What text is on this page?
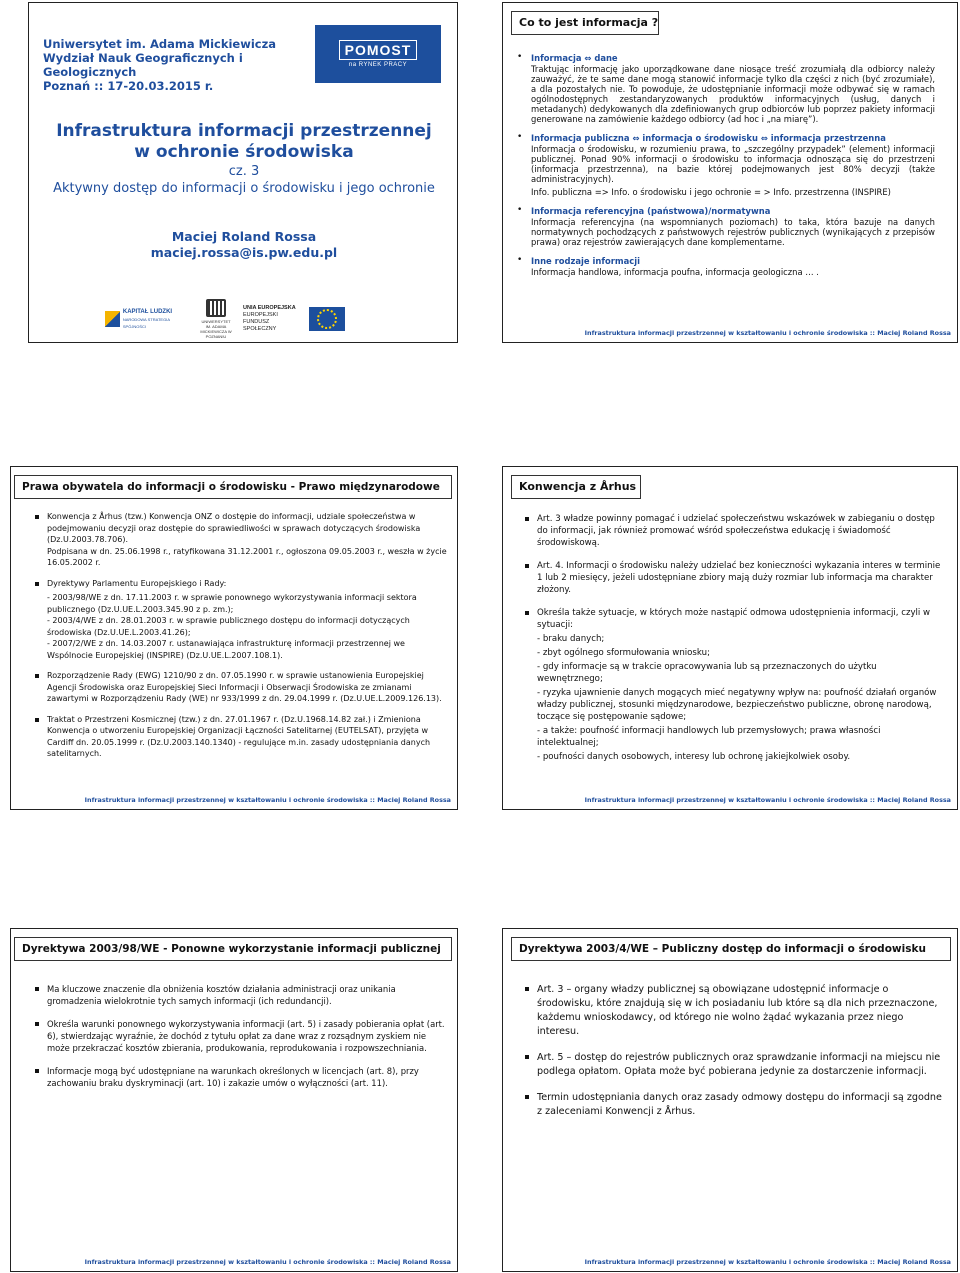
Uniwersytet im. Adama Mickiewicza
Wydział Nauk Geograficznych i Geologicznych
Poznań :: 17-20.03.2015 r.
POMOST
na RYNEK PRACY
Infrastruktura informacji przestrzennej
w ochronie środowiska
cz. 3
Aktywny dostęp do informacji o środowisku i jego ochronie
Maciej Roland Rossa
maciej.rossa@is.pw.edu.pl
KAPITAŁ LUDZKI
NARODOWA STRATEGIA SPÓJNOŚCI
UNIWERSYTET IM. ADAMA MICKIEWICZA W POZNANIU
UNIA EUROPEJSKA
EUROPEJSKI
FUNDUSZ SPOŁECZNY
Co to jest informacja ?
• Informacja ⇔ dane
Traktując informację jako uporządkowane dane niosące treść zrozumiałą dla odbiorcy należy zauważyć, że te same dane mogą stanowić informacje tylko dla części z nich (być zrozumiałe), a dla pozostałych nie. To powoduje, że udostępnianie informacji może odbywać się w ramach ogólnodostępnych zestandaryzowanych produktów informacyjnych (usług, danych i metadanych) dedykowanych dla zdefiniowanych grup odbiorców lub poprzez pakiety informacji generowane na zamówienie każdego odbiorcy (ad hoc i „na miarę”).
• Informacja publiczna ⇔ informacja o środowisku ⇔ informacja przestrzenna
Informacja o środowisku, w rozumieniu prawa, to „szczególny przypadek” (element) informacji publicznej. Ponad 90% informacji o środowisku to informacja odnosząca się do przestrzeni (informacja przestrzenna), na bazie której podejmowanych jest 80% decyzji (także administracyjnych).
Info. publiczna => Info. o środowisku i jego ochronie = > Info. przestrzenna (INSPIRE)
• Informacja referencyjna (państwowa)/normatywna
Informacja referencyjna (na wspomnianych poziomach) to taka, która bazuje na danych normatywnych pochodzących z państwowych rejestrów publicznych (wynikających z przepisów prawa) oraz rejestrów zawierających dane komplementarne.
• Inne rodzaje informacji
Informacja handlowa, informacja poufna, informacja geologiczna … .
Infrastruktura informacji przestrzennej w kształtowaniu i ochronie środowiska :: Maciej Roland Rossa
Prawa obywatela do informacji o środowisku - Prawo międzynarodowe
Konwencja z Århus (tzw.) Konwencja ONZ o dostępie do informacji, udziale społeczeństwa w podejmowaniu decyzji oraz dostępie do sprawiedliwości w sprawach dotyczących środowiska (Dz.U.2003.78.706).
Podpisana w dn. 25.06.1998 r., ratyfikowana 31.12.2001 r., ogłoszona 09.05.2003 r., weszła w życie 16.05.2002 r.
Dyrektywy Parlamentu Europejskiego i Rady:
- 2003/98/WE z dn. 17.11.2003 r. w sprawie ponownego wykorzystywania informacji sektora publicznego (Dz.U.UE.L.2003.345.90 z p. zm.);
- 2003/4/WE z dn. 28.01.2003 r. w sprawie publicznego dostępu do informacji dotyczących środowiska (Dz.U.UE.L.2003.41.26);
- 2007/2/WE z dn. 14.03.2007 r. ustanawiająca infrastrukturę informacji przestrzennej we Wspólnocie Europejskiej (INSPIRE) (Dz.U.UE.L.2007.108.1).
Rozporządzenie Rady (EWG) 1210/90 z dn. 07.05.1990 r. w sprawie ustanowienia Europejskiej Agencji Środowiska oraz Europejskiej Sieci Informacji i Obserwacji Środowiska ze zmianami zawartymi w Rozporządzeniu Rady (WE) nr 933/1999 z dn. 29.04.1999 r. (Dz.U.UE.L.2009.126.13).
Traktat o Przestrzeni Kosmicznej (tzw.) z dn. 27.01.1967 r. (Dz.U.1968.14.82 zał.) i Zmieniona Konwencja o utworzeniu Europejskiej Organizacji Łączności Satelitarnej (EUTELSAT), przyjęta w Cardiff dn. 20.05.1999 r. (Dz.U.2003.140.1340) - regulujące m.in. zasady udostępniania danych satelitarnych.
Infrastruktura informacji przestrzennej w kształtowaniu i ochronie środowiska :: Maciej Roland Rossa
Konwencja z Århus
Art. 3 władze powinny pomagać i udzielać społeczeństwu wskazówek w zabieganiu o dostęp do informacji, jak również promować wśród społeczeństwa edukację i świadomość środowiskową.
Art. 4. Informacji o środowisku należy udzielać bez konieczności wykazania interes w terminie 1 lub 2 miesięcy, jeżeli udostępniane zbiory mają duży rozmiar lub informacja ma charakter złożony.
Określa także sytuacje, w których może nastąpić odmowa udostępnienia informacji, czyli w sytuacji:
- braku danych;
- zbyt ogólnego sformułowania wniosku;
- gdy informacje są w trakcie opracowywania lub są przeznaczonych do użytku wewnętrznego;
- ryzyka ujawnienie danych mogących mieć negatywny wpływ na: poufność działań organów władzy publicznej, stosunki międzynarodowe, bezpieczeństwo publiczne, obronę narodową, toczące się postępowanie sądowe;
- a także: poufność informacji handlowych lub przemysłowych; prawa własności intelektualnej;
- poufności danych osobowych, interesy lub ochronę jakiejkolwiek osoby.
Infrastruktura informacji przestrzennej w kształtowaniu i ochronie środowiska :: Maciej Roland Rossa
Dyrektywa 2003/98/WE - Ponowne wykorzystanie informacji publicznej
Ma kluczowe znaczenie dla obniżenia kosztów działania administracji oraz unikania gromadzenia wielokrotnie tych samych informacji (ich redundancji).
Określa warunki ponownego wykorzystywania informacji (art. 5) i zasady pobierania opłat (art. 6), stwierdzając wyraźnie, że dochód z tytułu opłat za dane wraz z rozsądnym zyskiem nie może przekraczać kosztów zbierania, produkowania, reprodukowania i rozpowszechniania.
Informacje mogą być udostępniane na warunkach określonych w licencjach (art. 8), przy zachowaniu braku dyskryminacji (art. 10) i zakazie umów o wyłączności (art. 11).
Infrastruktura informacji przestrzennej w kształtowaniu i ochronie środowiska :: Maciej Roland Rossa
Dyrektywa 2003/4/WE – Publiczny dostęp do informacji o środowisku
Art. 3 – organy władzy publicznej są obowiązane udostępnić informacje o środowisku, które znajdują się w ich posiadaniu lub które są dla nich przeznaczone, każdemu wnioskodawcy, od którego nie wolno żądać wykazania przez niego interesu.
Art. 5 – dostęp do rejestrów publicznych oraz sprawdzanie informacji na miejscu nie podlega opłatom. Opłata może być pobierana jedynie za dostarczenie informacji.
Termin udostępniania danych oraz zasady odmowy dostępu do informacji są zgodne z zaleceniami Konwencji z Århus.
Infrastruktura informacji przestrzennej w kształtowaniu i ochronie środowiska :: Maciej Roland Rossa
